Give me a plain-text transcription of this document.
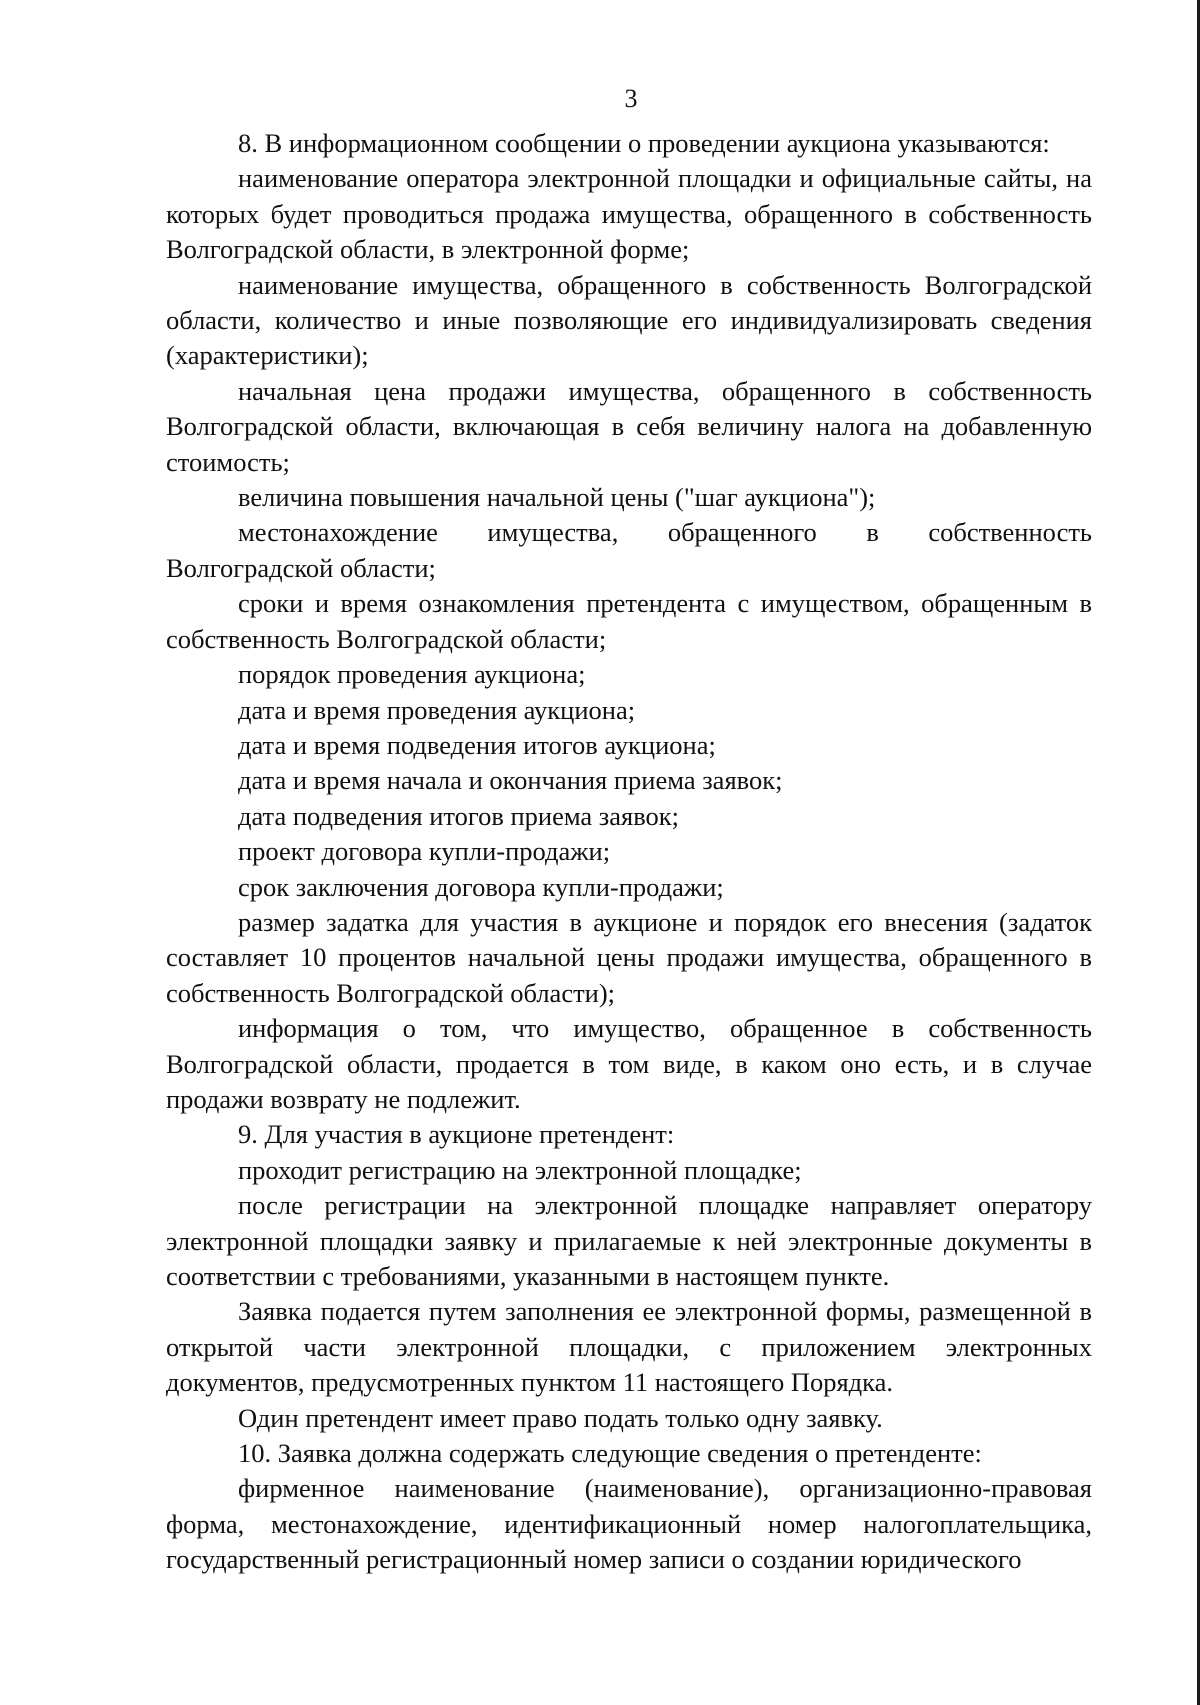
3

8. В информационном сообщении о проведении аукциона указываются:

наименование оператора электронной площадки и официальные сайты, на которых будет проводиться продажа имущества, обращенного в собственность Волгоградской области, в электронной форме;

наименование имущества, обращенного в собственность Волгоградской области, количество и иные позволяющие его индивидуализировать сведения (характеристики);

начальная цена продажи имущества, обращенного в собственность Волгоградской области, включающая в себя величину налога на добавленную стоимость;

величина повышения начальной цены ("шаг аукциона");

местонахождение имущества, обращенного в собственность Волгоградской области;

сроки и время ознакомления претендента с имуществом, обращенным в собственность Волгоградской области;

порядок проведения аукциона;

дата и время проведения аукциона;

дата и время подведения итогов аукциона;

дата и время начала и окончания приема заявок;

дата подведения итогов приема заявок;

проект договора купли-продажи;

срок заключения договора купли-продажи;

размер задатка для участия в аукционе и порядок его внесения (задаток составляет 10 процентов начальной цены продажи имущества, обращенного в собственность Волгоградской области);

информация о том, что имущество, обращенное в собственность Волгоградской области, продается в том виде, в каком оно есть, и в случае продажи возврату не подлежит.

9. Для участия в аукционе претендент:

проходит регистрацию на электронной площадке;

после регистрации на электронной площадке направляет оператору электронной площадки заявку и прилагаемые к ней электронные документы в соответствии с требованиями, указанными в настоящем пункте.

Заявка подается путем заполнения ее электронной формы, размещенной в открытой части электронной площадки, с приложением электронных документов, предусмотренных пунктом 11 настоящего Порядка.

Один претендент имеет право подать только одну заявку.

10. Заявка должна содержать следующие сведения о претенденте:

фирменное наименование (наименование), организационно-правовая форма, местонахождение, идентификационный номер налогоплательщика, государственный регистрационный номер записи о создании юридического
